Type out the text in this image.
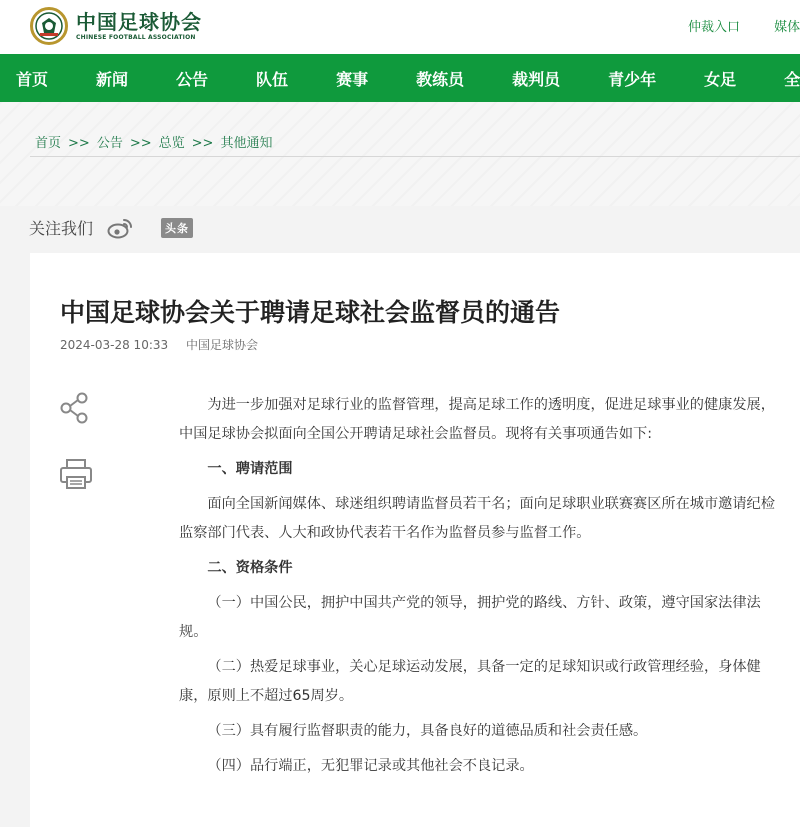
中国足球协会
CHINESE FOOTBALL ASSOCIATION
仲裁入口	媒体
首页	新闻	公告	队伍	赛事	教练员	裁判员	青少年	女足	全
首页 >> 公告 >> 总览 >> 其他通知
关注我们	头条
中国足球协会关于聘请足球社会监督员的通告
2024-03-28 10:33 中国足球协会

为进一步加强对足球行业的监督管理，提高足球工作的透明度，促进足球事业的健康发展，中国足球协会拟面向全国公开聘请足球社会监督员。现将有关事项通告如下:

一、聘请范围

面向全国新闻媒体、球迷组织聘请监督员若干名；面向足球职业联赛赛区所在城市邀请纪检监察部门代表、人大和政协代表若干名作为监督员参与监督工作。

二、资格条件

（一）中国公民，拥护中国共产党的领导，拥护党的路线、方针、政策，遵守国家法律法规。

（二）热爱足球事业，关心足球运动发展，具备一定的足球知识或行政管理经验，身体健康，原则上不超过65周岁。

（三）具有履行监督职责的能力，具备良好的道德品质和社会责任感。

（四）品行端正，无犯罪记录或其他社会不良记录。
